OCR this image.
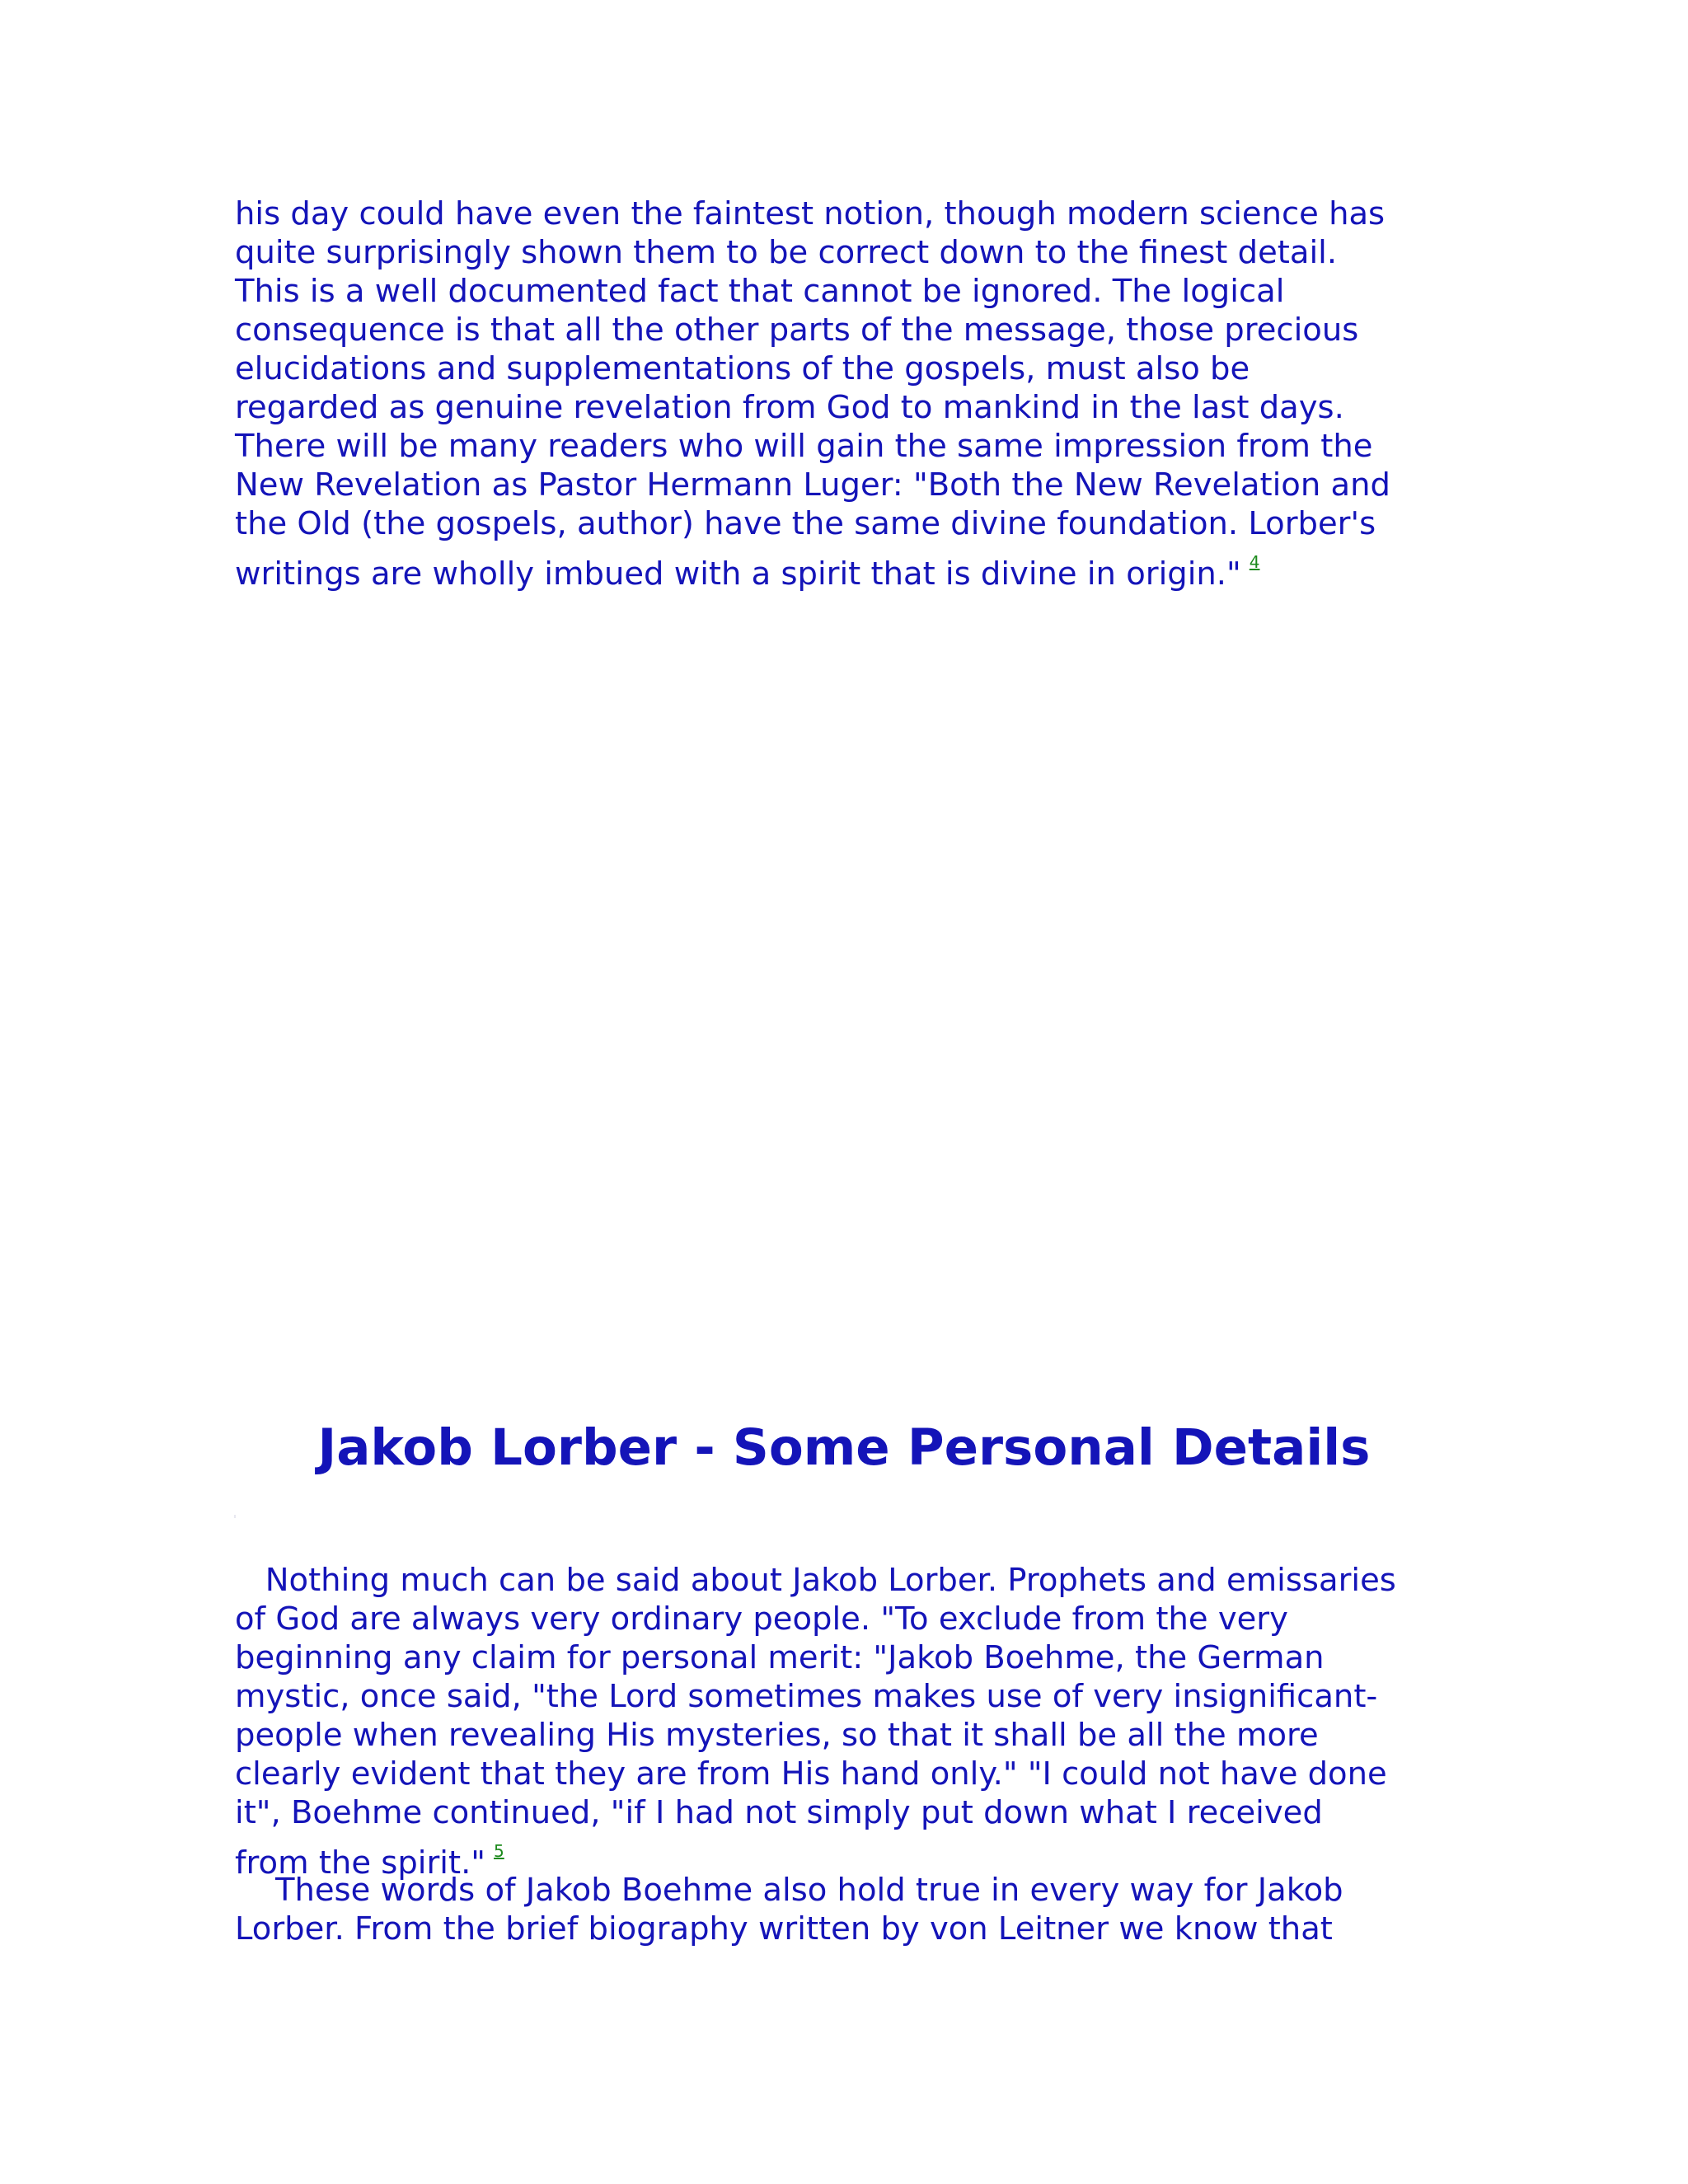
his day could have even the faintest notion, though modern science has
quite surprisingly shown them to be correct down to the finest detail.
This is a well documented fact that cannot be ignored. The logical
consequence is that all the other parts of the message, those precious
elucidations and supplementations of the gospels, must also be
regarded as genuine revelation from God to mankind in the last days.
There will be many readers who will gain the same impression from the
New Revelation as Pastor Hermann Luger: "Both the New Revelation and
the Old (the gospels, author) have the same divine foundation. Lorber's
writings are wholly imbued with a spirit that is divine in origin." $^4$
Jakob Lorber - Some Personal Details
Nothing much can be said about Jakob Lorber. Prophets and emissaries
of God are always very ordinary people. "To exclude from the very
beginning any claim for personal merit: "Jakob Boehme, the German
mystic, once said, "the Lord sometimes makes use of very insignificant-
people when revealing His mysteries, so that it shall be all the more
clearly evident that they are from His hand only." "I could not have done
it", Boehme continued, "if I had not simply put down what I received
from the spirit." $^5$
These words of Jakob Boehme also hold true in every way for Jakob
Lorber. From the brief biography written by von Leitner we know that
